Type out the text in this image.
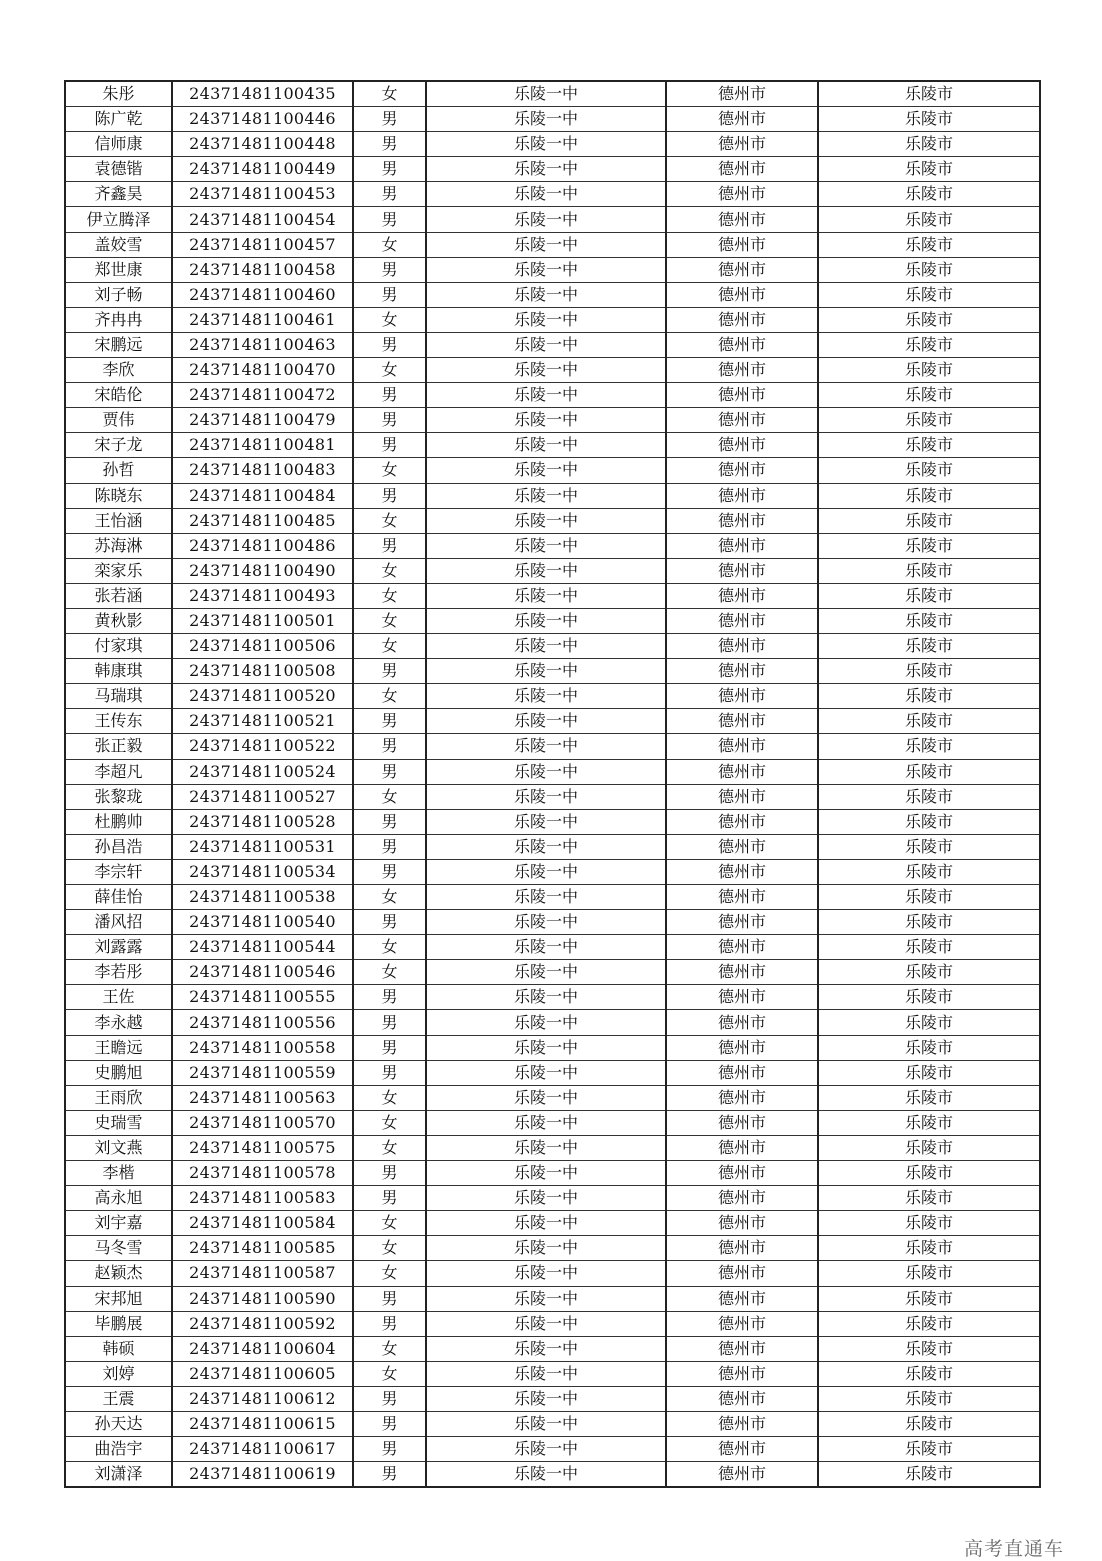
朱彤	24371481100435	女	乐陵一中	德州市	乐陵市
陈广乾	24371481100446	男	乐陵一中	德州市	乐陵市
信师康	24371481100448	男	乐陵一中	德州市	乐陵市
袁德锴	24371481100449	男	乐陵一中	德州市	乐陵市
齐鑫昊	24371481100453	男	乐陵一中	德州市	乐陵市
伊立腾泽	24371481100454	男	乐陵一中	德州市	乐陵市
盖姣雪	24371481100457	女	乐陵一中	德州市	乐陵市
郑世康	24371481100458	男	乐陵一中	德州市	乐陵市
刘子畅	24371481100460	男	乐陵一中	德州市	乐陵市
齐冉冉	24371481100461	女	乐陵一中	德州市	乐陵市
宋鹏远	24371481100463	男	乐陵一中	德州市	乐陵市
李欣	24371481100470	女	乐陵一中	德州市	乐陵市
宋皓伦	24371481100472	男	乐陵一中	德州市	乐陵市
贾伟	24371481100479	男	乐陵一中	德州市	乐陵市
宋子龙	24371481100481	男	乐陵一中	德州市	乐陵市
孙哲	24371481100483	女	乐陵一中	德州市	乐陵市
陈晓东	24371481100484	男	乐陵一中	德州市	乐陵市
王怡涵	24371481100485	女	乐陵一中	德州市	乐陵市
苏海淋	24371481100486	男	乐陵一中	德州市	乐陵市
栾家乐	24371481100490	女	乐陵一中	德州市	乐陵市
张若涵	24371481100493	女	乐陵一中	德州市	乐陵市
黄秋影	24371481100501	女	乐陵一中	德州市	乐陵市
付家琪	24371481100506	女	乐陵一中	德州市	乐陵市
韩康琪	24371481100508	男	乐陵一中	德州市	乐陵市
马瑞琪	24371481100520	女	乐陵一中	德州市	乐陵市
王传东	24371481100521	男	乐陵一中	德州市	乐陵市
张正毅	24371481100522	男	乐陵一中	德州市	乐陵市
李超凡	24371481100524	男	乐陵一中	德州市	乐陵市
张黎珑	24371481100527	女	乐陵一中	德州市	乐陵市
杜鹏帅	24371481100528	男	乐陵一中	德州市	乐陵市
孙昌浩	24371481100531	男	乐陵一中	德州市	乐陵市
李宗轩	24371481100534	男	乐陵一中	德州市	乐陵市
薛佳怡	24371481100538	女	乐陵一中	德州市	乐陵市
潘风招	24371481100540	男	乐陵一中	德州市	乐陵市
刘露露	24371481100544	女	乐陵一中	德州市	乐陵市
李若彤	24371481100546	女	乐陵一中	德州市	乐陵市
王佐	24371481100555	男	乐陵一中	德州市	乐陵市
李永越	24371481100556	男	乐陵一中	德州市	乐陵市
王瞻远	24371481100558	男	乐陵一中	德州市	乐陵市
史鹏旭	24371481100559	男	乐陵一中	德州市	乐陵市
王雨欣	24371481100563	女	乐陵一中	德州市	乐陵市
史瑞雪	24371481100570	女	乐陵一中	德州市	乐陵市
刘文燕	24371481100575	女	乐陵一中	德州市	乐陵市
李楷	24371481100578	男	乐陵一中	德州市	乐陵市
高永旭	24371481100583	男	乐陵一中	德州市	乐陵市
刘宇嘉	24371481100584	女	乐陵一中	德州市	乐陵市
马冬雪	24371481100585	女	乐陵一中	德州市	乐陵市
赵颖杰	24371481100587	女	乐陵一中	德州市	乐陵市
宋邦旭	24371481100590	男	乐陵一中	德州市	乐陵市
毕鹏展	24371481100592	男	乐陵一中	德州市	乐陵市
韩硕	24371481100604	女	乐陵一中	德州市	乐陵市
刘婷	24371481100605	女	乐陵一中	德州市	乐陵市
王震	24371481100612	男	乐陵一中	德州市	乐陵市
孙天达	24371481100615	男	乐陵一中	德州市	乐陵市
曲浩宇	24371481100617	男	乐陵一中	德州市	乐陵市
刘潇泽	24371481100619	男	乐陵一中	德州市	乐陵市
高考直通车
